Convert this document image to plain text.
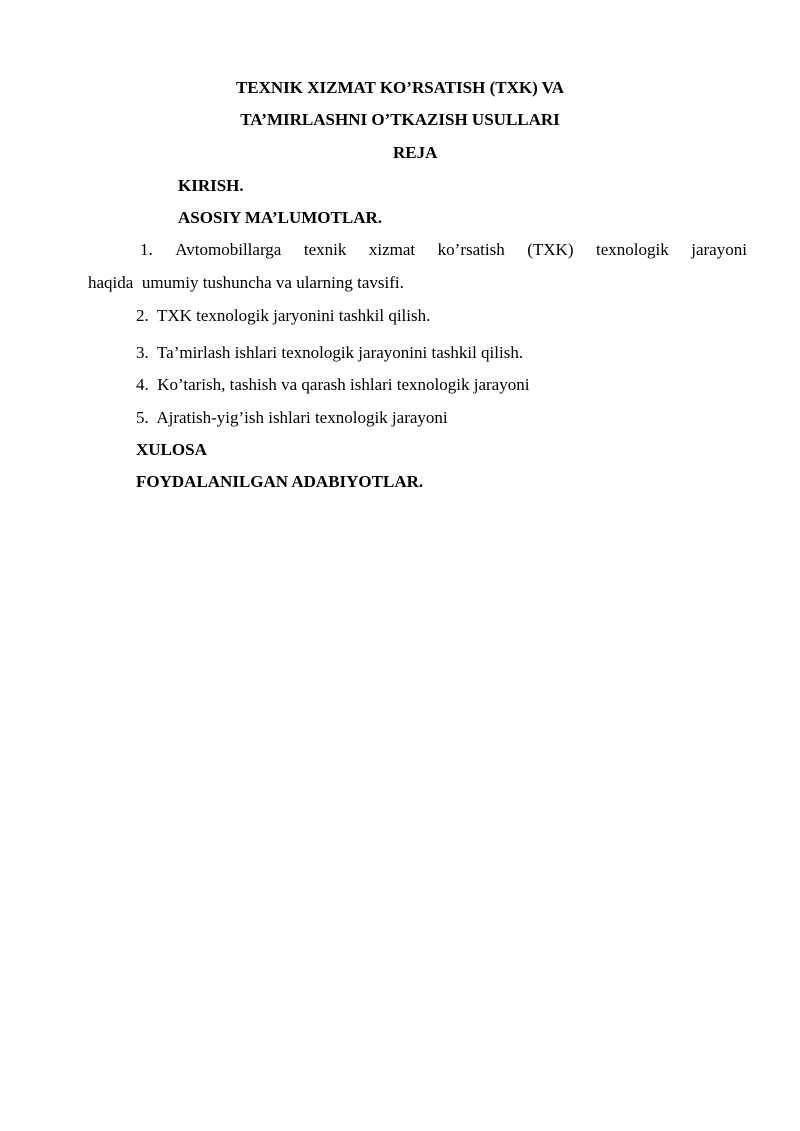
TEXNIK XIZMAT KO’RSATISH (TXK) VA
TA’MIRLASHNI O’TKAZISH USULLARI
REJA
KIRISH.
ASOSIY MA’LUMOTLAR.
1. Avtomobillarga texnik xizmat ko’rsatish (TXK) texnologik jarayoni
haqida  umumiy tushuncha va ularning tavsifi.
2. TXK texnologik jaryonini tashkil qilish.
3. Ta’mirlash ishlari texnologik jarayonini tashkil qilish.
4. Ko’tarish, tashish va qarash ishlari texnologik jarayoni
5. Ajratish-yig’ish ishlari texnologik jarayoni
XULOSA
FOYDALANILGAN ADABIYOTLAR.
